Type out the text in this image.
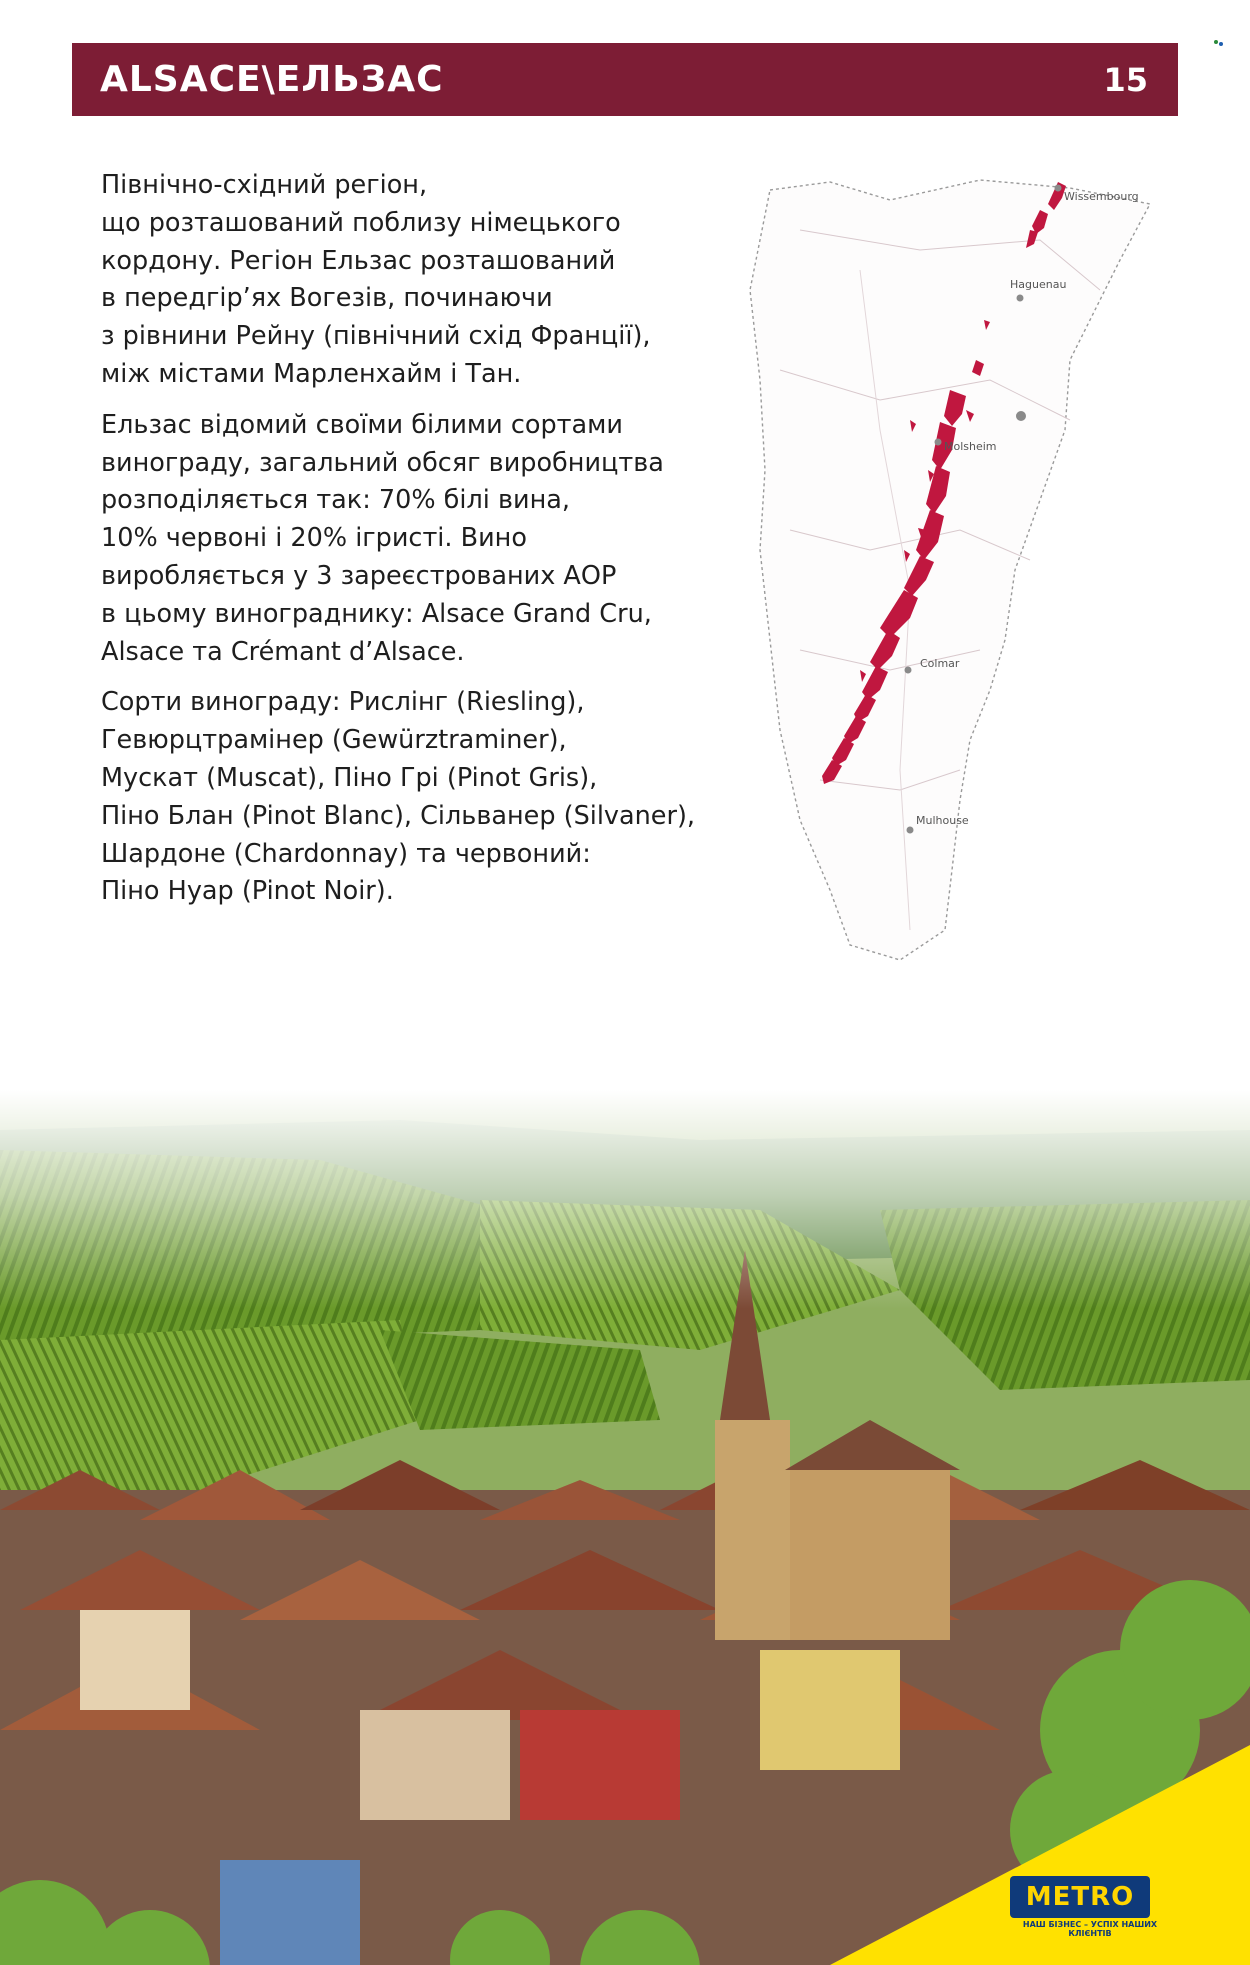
ALSACE\ЕЛЬЗАС	15

Північно-східний регіон,
що розташований поблизу німецького
кордону. Регіон Ельзас розташований
в передгір’ях Вогезів, починаючи
з рівнини Рейну (північний схід Франції),
між містами Марленхайм і Тан.

Ельзас відомий своїми білими сортами
винограду, загальний обсяг виробництва
розподіляється так: 70% білі вина,
10% червоні і 20% ігристі. Вино
виробляється у 3 зареєстрованих АОР
в цьому винограднику: Alsace Grand Cru,
Alsace та Crémant d’Alsace.

Сорти винограду: Рислінг (Riesling),
Гевюрцтрамінер (Gewürztraminer),
Мускат (Muscat), Піно Грі (Pinot Gris),
Піно Блан (Pinot Blanc), Сільванер (Silvaner),
Шардоне (Chardonnay) та червоний:
Піно Нуар (Pinot Noir).

Wissembourg
Haguenau
Molsheim
Colmar
Mulhouse
METRO
НАШ БІЗНЕС – УСПІХ НАШИХ КЛІЄНТІВ
